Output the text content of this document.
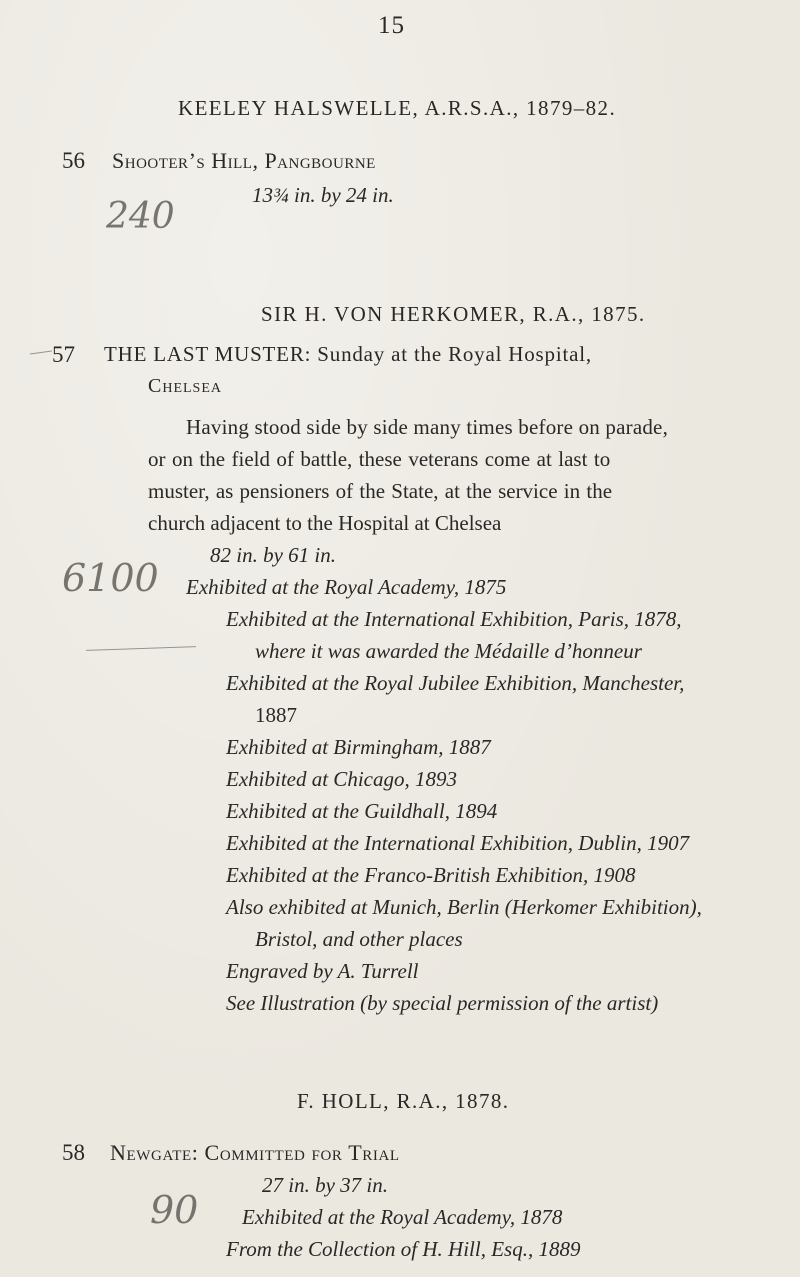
15
KEELEY HALSWELLE, A.R.S.A., 1879–82.
56 Shooter’s Hill, Pangbourne
13¾ in. by 24 in.
240
SIR H. VON HERKOMER, R.A., 1875.
57 THE LAST MUSTER: Sunday at the Royal Hospital,
Chelsea
Having stood side by side many times before on parade,
or on the field of battle, these veterans come at last to
muster, as pensioners of the State, at the service in the
church adjacent to the Hospital at Chelsea
82 in. by 61 in.
6100 Exhibited at the Royal Academy, 1875
Exhibited at the International Exhibition, Paris, 1878,
where it was awarded the Médaille d’honneur
Exhibited at the Royal Jubilee Exhibition, Manchester,
1887
Exhibited at Birmingham, 1887
Exhibited at Chicago, 1893
Exhibited at the Guildhall, 1894
Exhibited at the International Exhibition, Dublin, 1907
Exhibited at the Franco-British Exhibition, 1908
Also exhibited at Munich, Berlin (Herkomer Exhibition),
Bristol, and other places
Engraved by A. Turrell
See Illustration (by special permission of the artist)
F. HOLL, R.A., 1878.
58 Newgate: Committed for Trial
27 in. by 37 in.
90 Exhibited at the Royal Academy, 1878
From the Collection of H. Hill, Esq., 1889
